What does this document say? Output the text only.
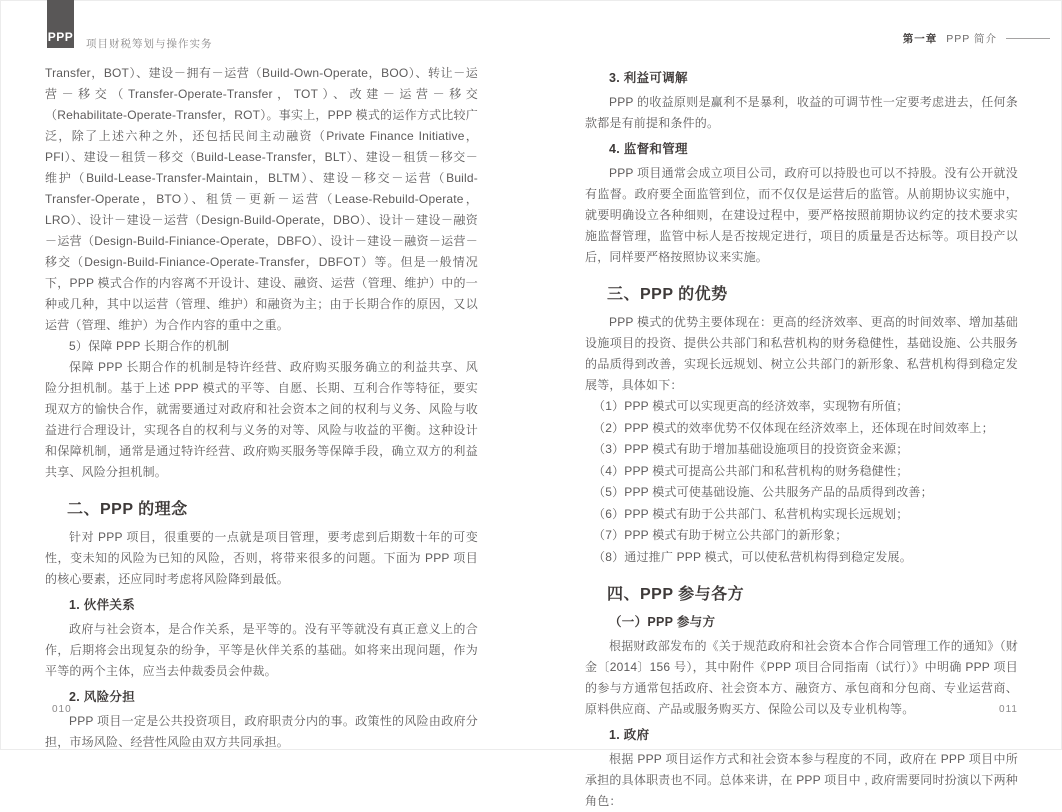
PPP 项目财税筹划与操作实务	第一章 PPP 简介

Transfer，BOT）、建设－拥有－运营（Build-Own-Operate，BOO）、转让－运营－移交（Transfer-Operate-Transfer，TOT）、改建－运营－移交（Rehabilitate-Operate-Transfer，ROT）。事实上，PPP 模式的运作方式比较广泛，除了上述六种之外，还包括民间主动融资（Private Finance Initiative，PFI）、建设－租赁－移交（Build-Lease-Transfer，BLT）、建设－租赁－移交－维护（Build-Lease-Transfer-Maintain，BLTM）、建设－移交－运营（Build-Transfer-Operate，BTO）、租赁－更新－运营（Lease-Rebuild-Operate，LRO）、设计－建设－运营（Design-Build-Operate，DBO）、设计－建设－融资－运营（Design-Build-Finiance-Operate，DBFO）、设计－建设－融资－运营－移交（Design-Build-Finiance-Operate-Transfer，DBFOT）等。但是一般情况下，PPP 模式合作的内容离不开设计、建设、融资、运营（管理、维护）中的一种或几种，其中以运营（管理、维护）和融资为主；由于长期合作的原因，又以运营（管理、维护）为合作内容的重中之重。

5）保障 PPP 长期合作的机制

保障 PPP 长期合作的机制是特许经营、政府购买服务确立的利益共享、风险分担机制。基于上述 PPP 模式的平等、自愿、长期、互利合作等特征，要实现双方的愉快合作，就需要通过对政府和社会资本之间的权利与义务、风险与收益进行合理设计，实现各自的权利与义务的对等、风险与收益的平衡。这种设计和保障机制，通常是通过特许经营、政府购买服务等保障手段，确立双方的利益共享、风险分担机制。

二、PPP 的理念

针对 PPP 项目，很重要的一点就是项目管理，要考虑到后期数十年的可变性，变未知的风险为已知的风险，否则，将带来很多的问题。下面为 PPP 项目的核心要素，还应同时考虑将风险降到最低。

1. 伙伴关系

政府与社会资本，是合作关系，是平等的。没有平等就没有真正意义上的合作，后期将会出现复杂的纷争，平等是伙伴关系的基础。如将来出现问题，作为平等的两个主体，应当去仲裁委员会仲裁。

2. 风险分担

PPP 项目一定是公共投资项目，政府职责分内的事。政策性的风险由政府分担，市场风险、经营性风险由双方共同承担。

3. 利益可调解

PPP 的收益原则是赢利不是暴利，收益的可调节性一定要考虑进去，任何条款都是有前提和条件的。

4. 监督和管理

PPP 项目通常会成立项目公司，政府可以持股也可以不持股。没有公开就没有监督。政府要全面监管到位，而不仅仅是运营后的监管。从前期协议实施中，就要明确设立各种细则，在建设过程中，要严格按照前期协议约定的技术要求实施监督管理，监管中标人是否按规定进行，项目的质量是否达标等。项目投产以后，同样要严格按照协议来实施。

三、PPP 的优势

PPP 模式的优势主要体现在：更高的经济效率、更高的时间效率、增加基础设施项目的投资、提供公共部门和私营机构的财务稳健性，基础设施、公共服务的品质得到改善，实现长远规划、树立公共部门的新形象、私营机构得到稳定发展等，具体如下：

（1）PPP 模式可以实现更高的经济效率，实现物有所值；

（2）PPP 模式的效率优势不仅体现在经济效率上，还体现在时间效率上；

（3）PPP 模式有助于增加基础设施项目的投资资金来源；

（4）PPP 模式可提高公共部门和私营机构的财务稳健性；

（5）PPP 模式可使基础设施、公共服务产品的品质得到改善；

（6）PPP 模式有助于公共部门、私营机构实现长远规划；

（7）PPP 模式有助于树立公共部门的新形象；

（8）通过推广 PPP 模式，可以使私营机构得到稳定发展。

四、PPP 参与各方
（一）PPP 参与方

根据财政部发布的《关于规范政府和社会资本合作合同管理工作的通知》（财金〔2014〕156 号），其中附件《PPP 项目合同指南（试行）》中明确 PPP 项目的参与方通常包括政府、社会资本方、融资方、承包商和分包商、专业运营商、原料供应商、产品或服务购买方、保险公司以及专业机构等。

1. 政府

根据 PPP 项目运作方式和社会资本参与程度的不同，政府在 PPP 项目中所承担的具体职责也不同。总体来讲，在 PPP 项目中 , 政府需要同时扮演以下两种角色：

010	011
